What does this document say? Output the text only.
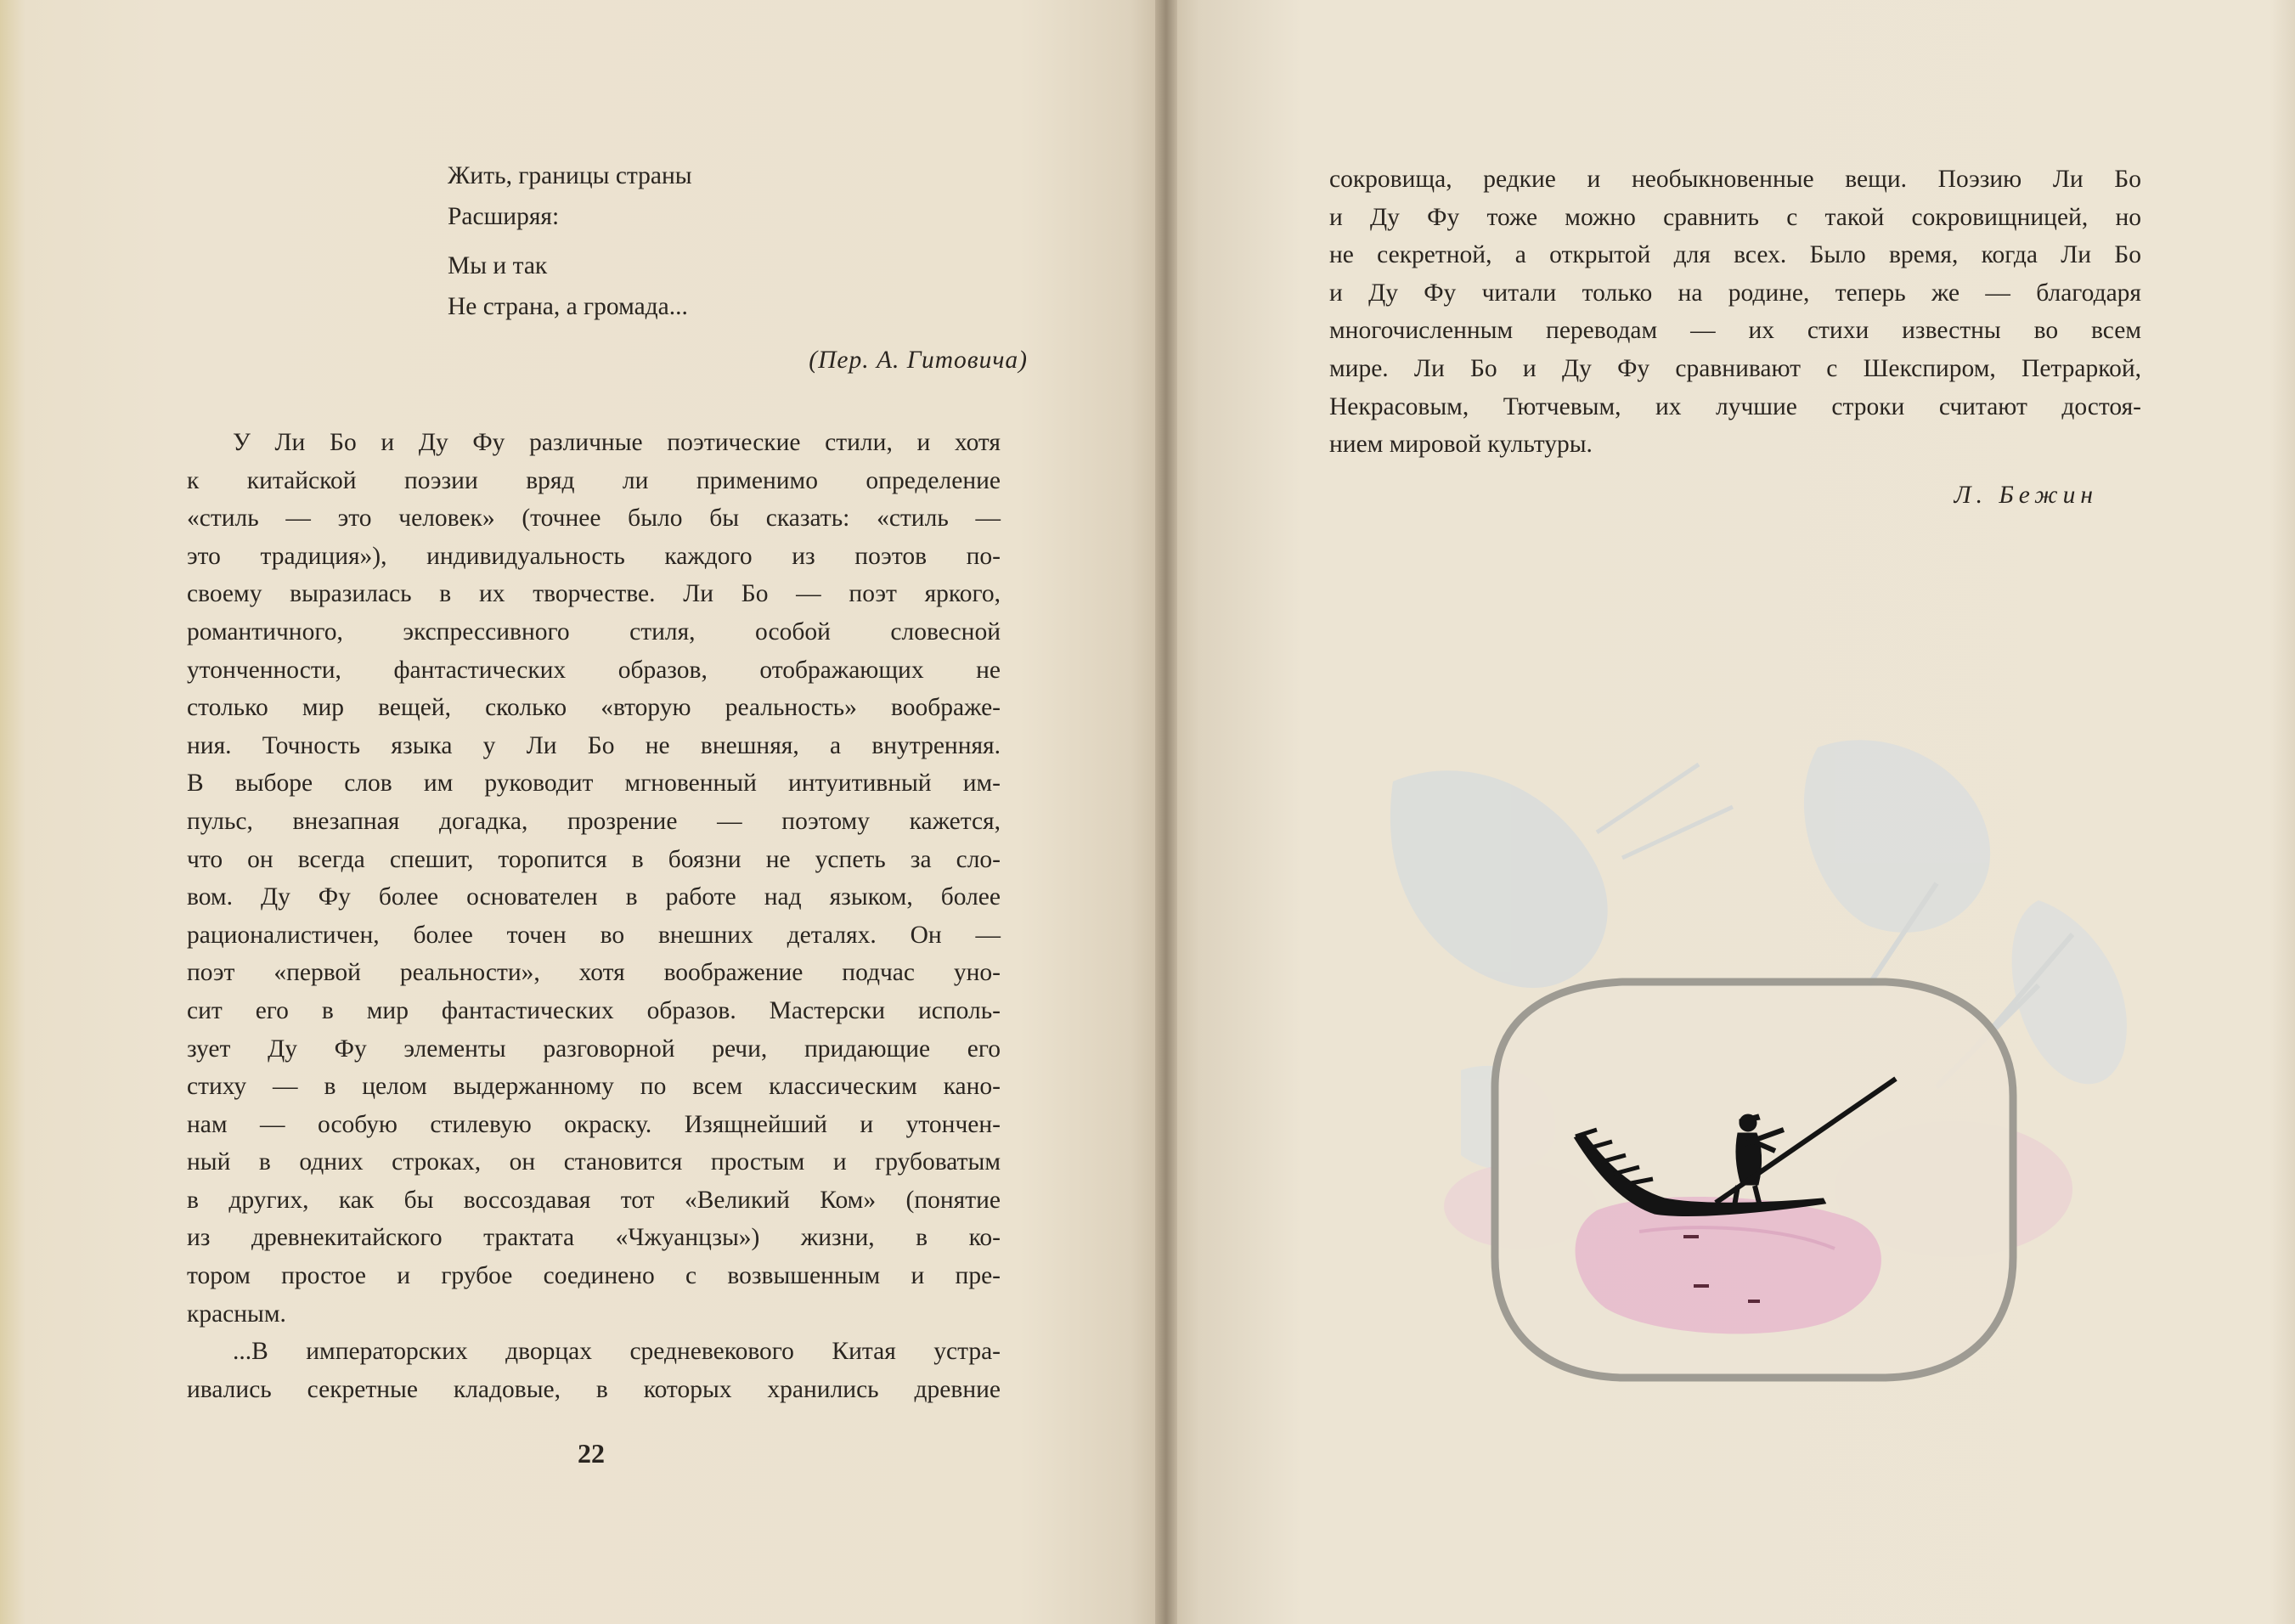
Жить, границы страны
Расширяя:
Мы и так
Не страна, а громада...
(Пер. А. Гитовича)
У Ли Бо и Ду Фу различные поэтические стили, и хотя
к китайской поэзии вряд ли применимо определение
«стиль — это человек» (точнее было бы сказать: «стиль —
это традиция»), индивидуальность каждого из поэтов по-
своему выразилась в их творчестве. Ли Бо — поэт яркого,
романтичного, экспрессивного стиля, особой словесной
утонченности, фантастических образов, отображающих не
столько мир вещей, сколько «вторую реальность» воображе-
ния. Точность языка у Ли Бо не внешняя, а внутренняя.
В выборе слов им руководит мгновенный интуитивный им-
пульс, внезапная догадка, прозрение — поэтому кажется,
что он всегда спешит, торопится в боязни не успеть за сло-
вом. Ду Фу более основателен в работе над языком, более
рационалистичен, более точен во внешних деталях. Он —
поэт «первой реальности», хотя воображение подчас уно-
сит его в мир фантастических образов. Мастерски исполь-
зует Ду Фу элементы разговорной речи, придающие его
стиху — в целом выдержанному по всем классическим кано-
нам — особую стилевую окраску. Изящнейший и утончен-
ный в одних строках, он становится простым и грубоватым
в других, как бы воссоздавая тот «Великий Ком» (понятие
из древнекитайского трактата «Чжуанцзы») жизни, в ко-
тором простое и грубое соединено с возвышенным и пре-
красным.
...В императорских дворцах средневекового Китая устра-
ивались секретные кладовые, в которых хранились древние
22
сокровища, редкие и необыкновенные вещи. Поэзию Ли Бо
и Ду Фу тоже можно сравнить с такой сокровищницей, но
не секретной, а открытой для всех. Было время, когда Ли Бо
и Ду Фу читали только на родине, теперь же — благодаря
многочисленным переводам — их стихи известны во всем
мире. Ли Бо и Ду Фу сравнивают с Шекспиром, Петраркой,
Некрасовым, Тютчевым, их лучшие строки считают достоя-
нием мировой культуры.
Л. Бежин
